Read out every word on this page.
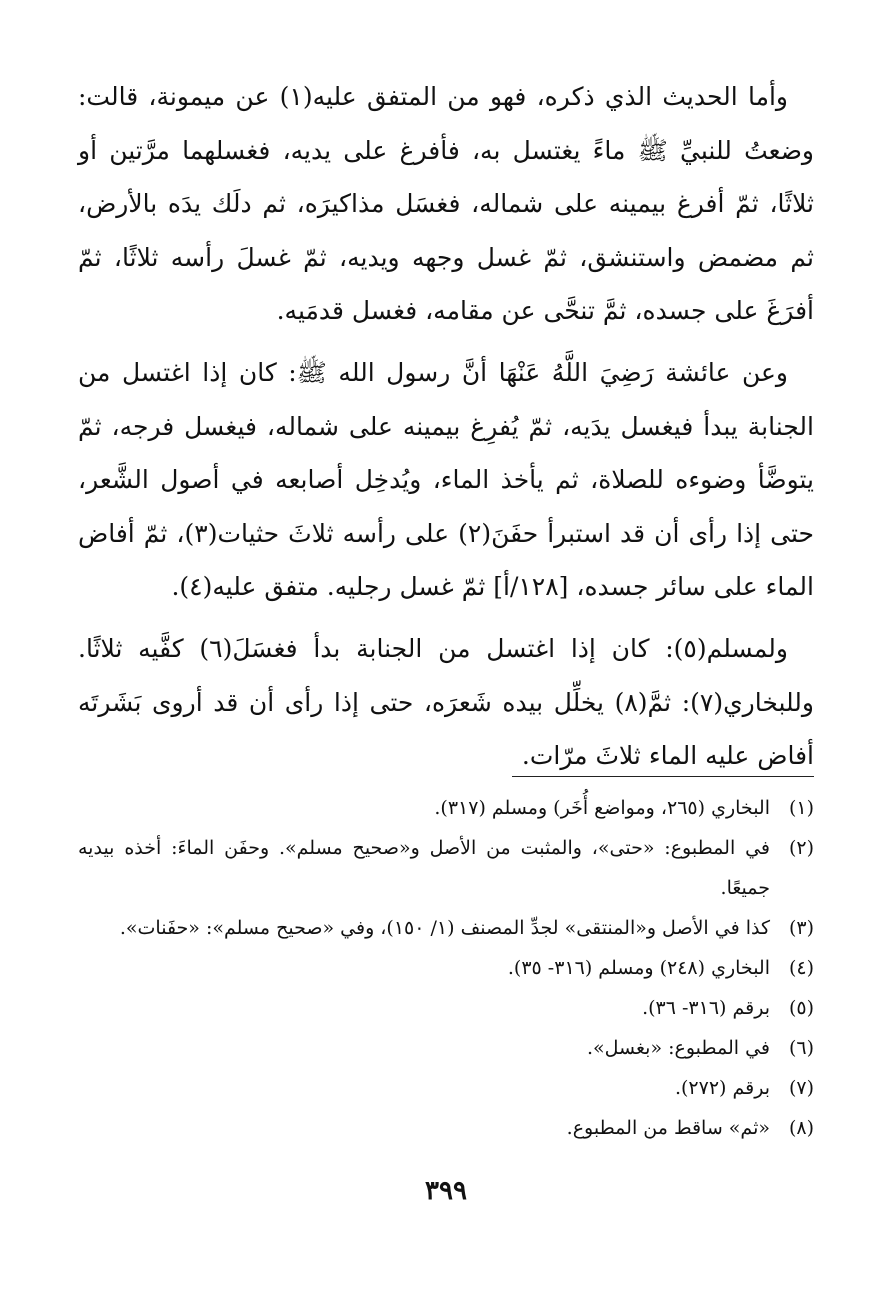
وأما الحديث الذي ذكره، فهو من المتفق عليه(١) عن ميمونة، قالت: وضعتُ للنبيِّ ﷺ ماءً يغتسل به، فأفرغ على يديه، فغسلهما مرَّتين أو ثلاثًا، ثمّ أفرغ بيمينه على شماله، فغسَل مذاكيرَه، ثم دلَك يدَه بالأرض، ثم مضمض واستنشق، ثمّ غسل وجهه ويديه، ثمّ غسلَ رأسه ثلاثًا، ثمّ أفرَغَ على جسده، ثمَّ تنحَّى عن مقامه، فغسل قدمَيه.

وعن عائشة رَضِيَ اللَّهُ عَنْهَا أنَّ رسول الله ﷺ: كان إذا اغتسل من الجنابة يبدأ فيغسل يدَيه، ثمّ يُفرِغ بيمينه على شماله، فيغسل فرجه، ثمّ يتوضَّأ وضوءه للصلاة، ثم يأخذ الماء، ويُدخِل أصابعه في أصول الشَّعر، حتى إذا رأى أن قد استبرأ حفَنَ(٢) على رأسه ثلاثَ حثيات(٣)، ثمّ أفاض الماء على سائر جسده، [١٢٨/أ] ثمّ غسل رجليه. متفق عليه(٤).

ولمسلم(٥): كان إذا اغتسل من الجنابة بدأ فغسَلَ(٦) كفَّيه ثلاثًا. وللبخاري(٧): ثمَّ(٨) يخلِّل بيده شَعرَه، حتى إذا رأى أن قد أروى بَشَرتَه أفاض عليه الماء ثلاثَ مرّات.

(١)
البخاري (٢٦٥، ومواضع أُخَر) ومسلم (٣١٧).
(٢)
في المطبوع: «حتى»، والمثبت من الأصل و«صحيح مسلم». وحفَن الماءَ: أخذه بيديه جميعًا.
(٣)
كذا في الأصل و«المنتقى» لجدِّ المصنف (١/ ١٥٠)، وفي «صحيح مسلم»: «حفَنات».
(٤)
البخاري (٢٤٨) ومسلم (٣١٦- ٣٥).
(٥)
برقم (٣١٦- ٣٦).
(٦)
في المطبوع: «بغسل».
(٧)
برقم (٢٧٢).
(٨)
«ثم» ساقط من المطبوع.
٣٩٩
